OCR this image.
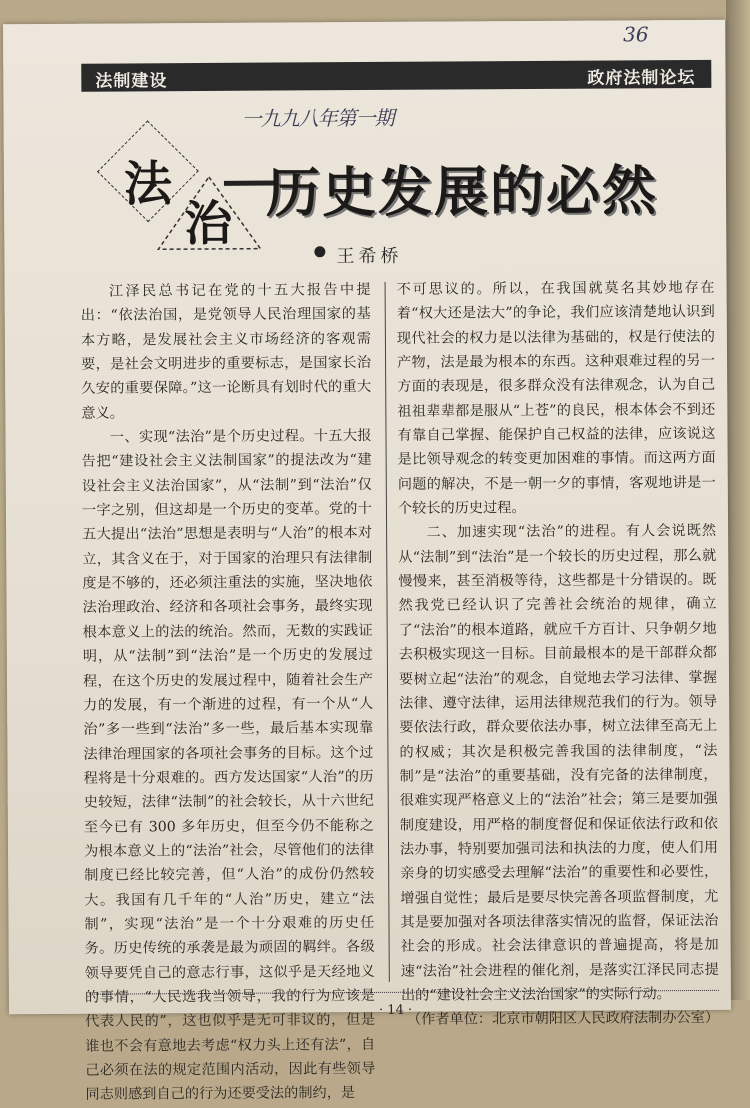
36
法制建设	政府法制论坛
一九九八年第一期
法
治 历史发展的必然
王希桥

江泽民总书记在党的十五大报告中提出：“依法治国，是党领导人民治理国家的基本方略，是发展社会主义市场经济的客观需要，是社会文明进步的重要标志，是国家长治久安的重要保障。”这一论断具有划时代的重大意义。

一、实现“法治”是个历史过程。十五大报告把“建设社会主义法制国家”的提法改为“建设社会主义法治国家”，从“法制”到“法治”仅一字之别，但这却是一个历史的变革。党的十五大提出“法治”思想是表明与“人治”的根本对立，其含义在于，对于国家的治理只有法律制度是不够的，还必须注重法的实施，坚决地依法治理政治、经济和各项社会事务，最终实现根本意义上的法的统治。然而，无数的实践证明，从“法制”到“法治”是一个历史的发展过程，在这个历史的发展过程中，随着社会生产力的发展，有一个渐进的过程，有一个从“人治”多一些到“法治”多一些，最后基本实现靠法律治理国家的各项社会事务的目标。这个过程将是十分艰难的。西方发达国家“人治”的历史较短，法律“法制”的社会较长，从十六世纪至今已有 300 多年历史，但至今仍不能称之为根本意义上的“法治”社会，尽管他们的法律制度已经比较完善，但“人治”的成份仍然较大。我国有几千年的“人治”历史，建立“法制”，实现“法治”是一个十分艰难的历史任务。历史传统的承袭是最为顽固的羁绊。各级领导要凭自己的意志行事，这似乎是天经地义的事情，“人民选我当领导，我的行为应该是代表人民的”，这也似乎是无可非议的，但是谁也不会有意地去考虑“权力头上还有法”，自己必须在法的规定范围内活动，因此有些领导同志则感到自己的行为还要受法的制约，是

不可思议的。所以，在我国就莫名其妙地存在着“权大还是法大”的争论，我们应该清楚地认识到现代社会的权力是以法律为基础的，权是行使法的产物，法是最为根本的东西。这种艰难过程的另一方面的表现是，很多群众没有法律观念，认为自己祖祖辈辈都是服从“上苍”的良民，根本体会不到还有靠自己掌握、能保护自己权益的法律，应该说这是比领导观念的转变更加困难的事情。而这两方面问题的解决，不是一朝一夕的事情，客观地讲是一个较长的历史过程。

二、加速实现“法治”的进程。有人会说既然从“法制”到“法治”是一个较长的历史过程，那么就慢慢来，甚至消极等待，这些都是十分错误的。既然我党已经认识了完善社会统治的规律，确立了“法治”的根本道路，就应千方百计、只争朝夕地去积极实现这一目标。目前最根本的是干部群众都要树立起“法治”的观念，自觉地去学习法律、掌握法律、遵守法律，运用法律规范我们的行为。领导要依法行政，群众要依法办事，树立法律至高无上的权威；其次是积极完善我国的法律制度，“法制”是“法治”的重要基础，没有完备的法律制度，很难实现严格意义上的“法治”社会；第三是要加强制度建设，用严格的制度督促和保证依法行政和依法办事，特别要加强司法和执法的力度，使人们用亲身的切实感受去理解“法治”的重要性和必要性，增强自觉性；最后是要尽快完善各项监督制度，尤其是要加强对各项法律落实情况的监督，保证法治社会的形成。社会法律意识的普遍提高，将是加速“法治”社会进程的催化剂，是落实江泽民同志提出的“建设社会主义法治国家”的实际行动。

（作者单位：北京市朝阳区人民政府法制办公室）

· 14 ·
